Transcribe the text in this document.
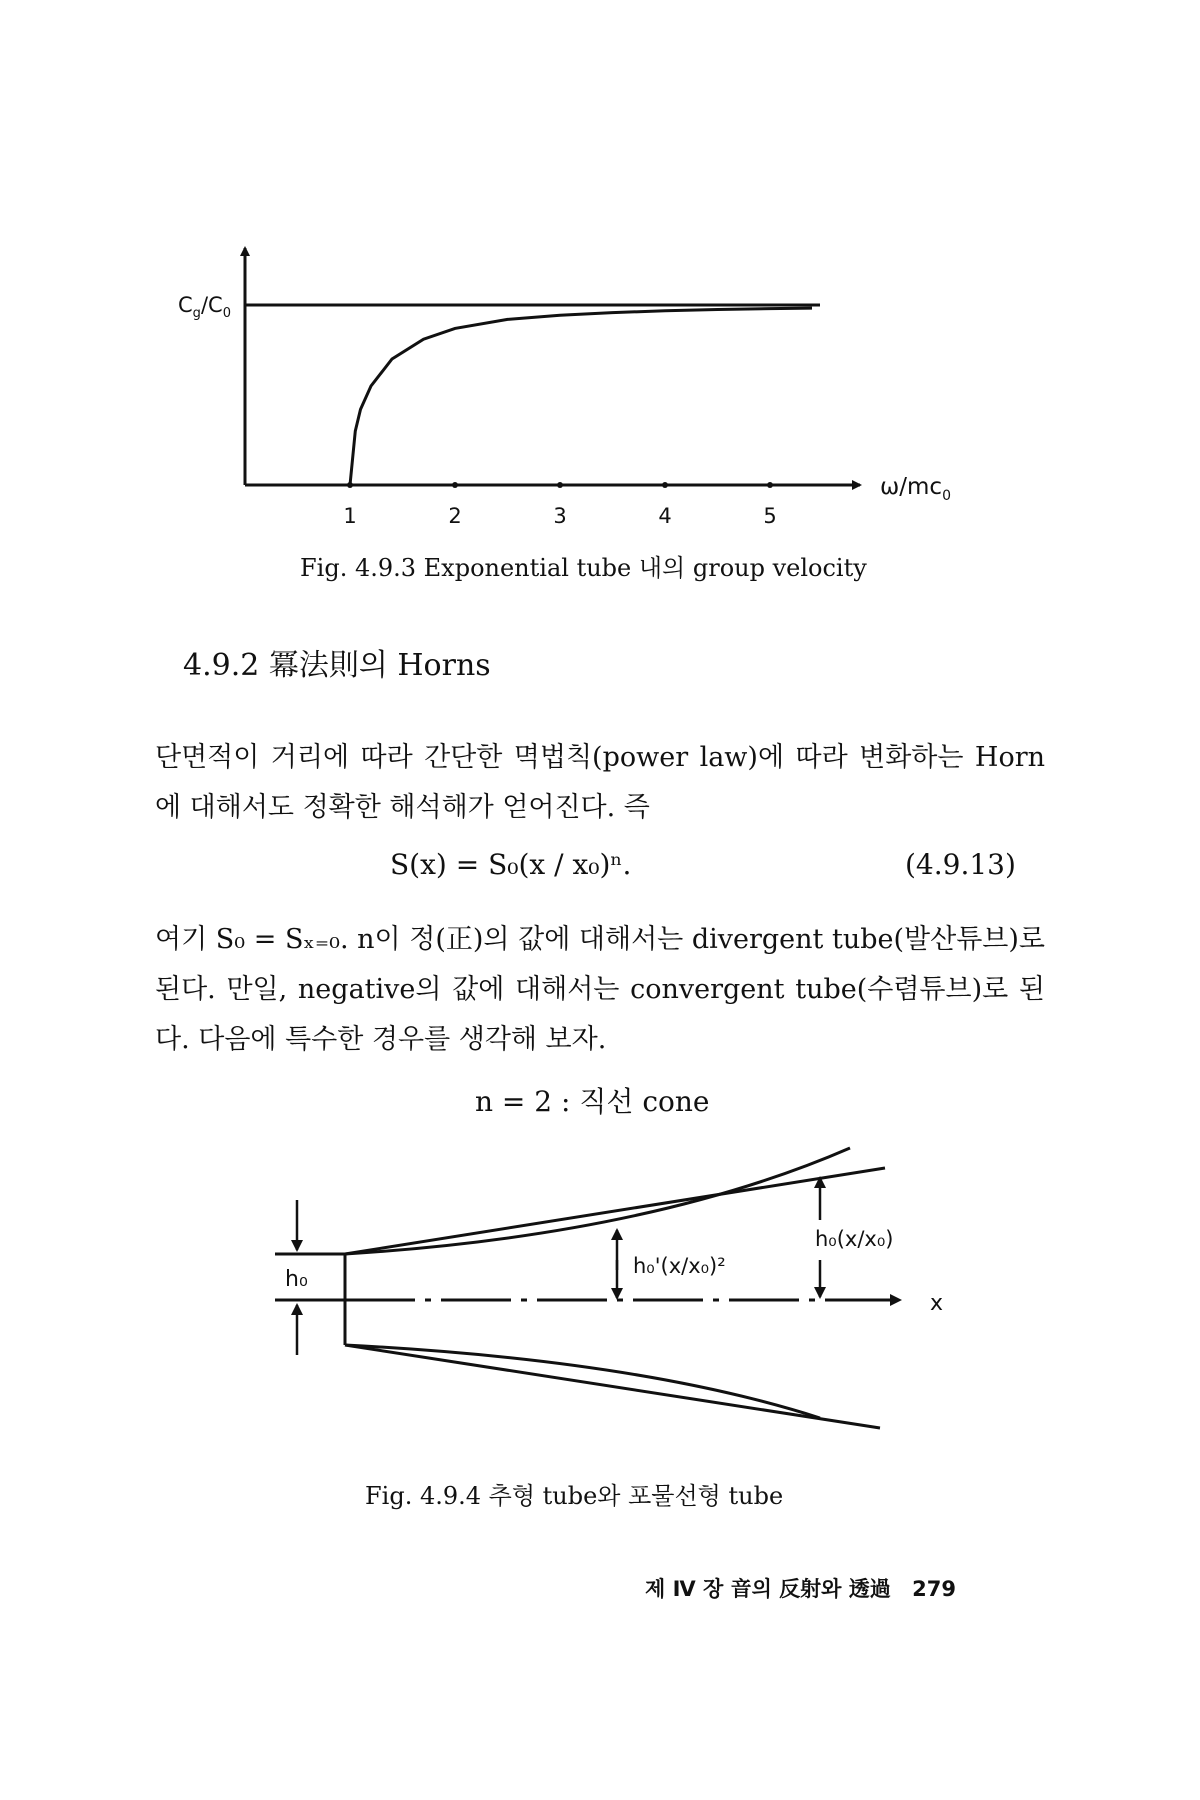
1	2	3	4	5
$C_g/C_0$
$\omega/mc_0$
Fig. 4.9.3 Exponential tube 내의 group velocity
4.9.2 冪法則의 Horns
단면적이 거리에 따라 간단한 멱법칙(power law)에 따라 변화하는 Horn에 대해서도 정확한 해석해가 얻어진다. 즉
S(x) = S₀(x / x₀)ⁿ.	(4.9.13)
여기 S₀ = Sₓ₌₀. n이 정(正)의 값에 대해서는 divergent tube(발산튜브)로 된다. 만일, negative의 값에 대해서는 convergent tube(수렴튜브)로 된다. 다음에 특수한 경우를 생각해 보자.
n = 2 : 직선 cone
x
h₀
h₀'(x/x₀)²
h₀(x/x₀)
Fig. 4.9.4 추형 tube와 포물선형 tube
제 Ⅳ 장 音의 反射와 透過 279
